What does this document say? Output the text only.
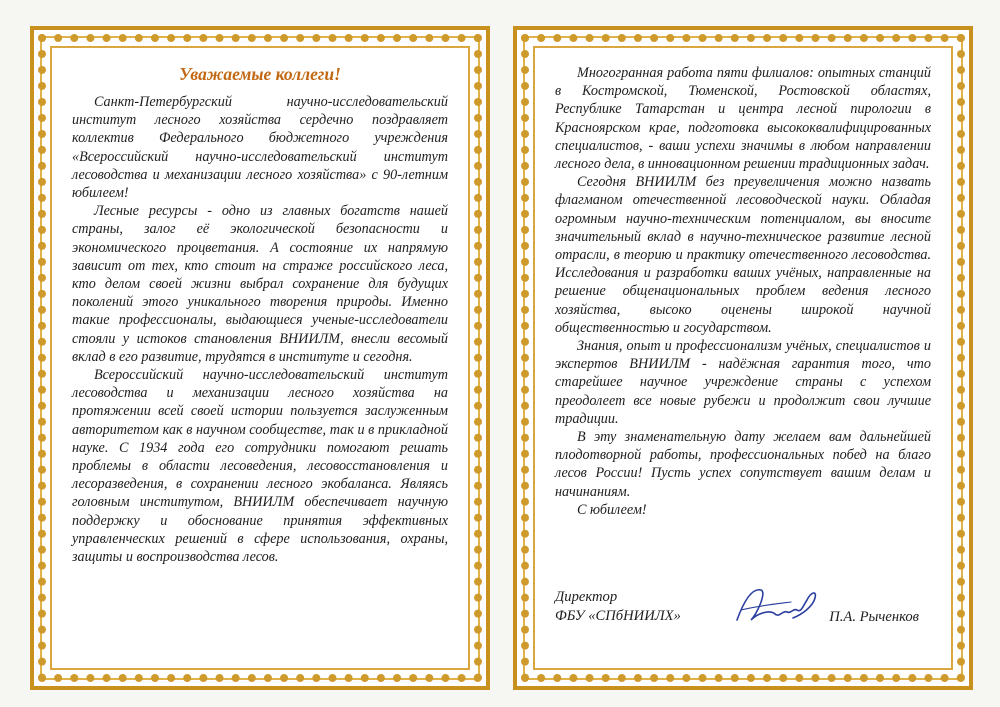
Уважаемые коллеги!

Санкт-Петербургский научно-исследовательский институт лесного хозяйства сердечно поздравляет коллектив Федерального бюджетного учреждения «Всероссийский научно-исследовательский институт лесоводства и механизации лесного хозяйства» с 90-летним юбилеем!

Лесные ресурсы - одно из главных богатств нашей страны, залог её экологической безопасности и экономического процветания. А состояние их напрямую зависит от тех, кто стоит на страже российского леса, кто делом своей жизни выбрал сохранение для будущих поколений этого уникального творения природы. Именно такие профессионалы, выдающиеся ученые-исследователи стояли у истоков становления ВНИИЛМ, внесли весомый вклад в его развитие, трудятся в институте и сегодня.

Всероссийский научно-исследовательский институт лесоводства и механизации лесного хозяйства на протяжении всей своей истории пользуется заслуженным авторитетом как в научном сообществе, так и в прикладной науке. С 1934 года его сотрудники помогают решать проблемы в области лесоведения, лесовосстановления и лесоразведения, в сохранении лесного экобаланса. Являясь головным институтом, ВНИИЛМ обеспечивает научную поддержку и обоснование принятия эффективных управленческих решений в сфере использования, охраны, защиты и воспроизводства лесов.

Многогранная работа пяти филиалов: опытных станций в Костромской, Тюменской, Ростовской областях, Республике Татарстан и центра лесной пирологии в Красноярском крае, подготовка высококвалифицированных специалистов, - ваши успехи значимы в любом направлении лесного дела, в инновационном решении традиционных задач.

Сегодня ВНИИЛМ без преувеличения можно назвать флагманом отечественной лесоводческой науки. Обладая огромным научно-техническим потенциалом, вы вносите значительный вклад в научно-техническое развитие лесной отрасли, в теорию и практику отечественного лесоводства. Исследования и разработки ваших учёных, направленные на решение общенациональных проблем ведения лесного хозяйства, высоко оценены широкой научной общественностью и государством.

Знания, опыт и профессионализм учёных, специалистов и экспертов ВНИИЛМ - надёжная гарантия того, что старейшее научное учреждение страны с успехом преодолеет все новые рубежи и продолжит свои лучшие традиции.

В эту знаменательную дату желаем вам дальнейшей плодотворной работы, профессиональных побед на благо лесов России! Пусть успех сопутствует вашим делам и начинаниям.

С юбилеем!

Директор
ФБУ «СПбНИИЛХ»	П.А. Рыченков
